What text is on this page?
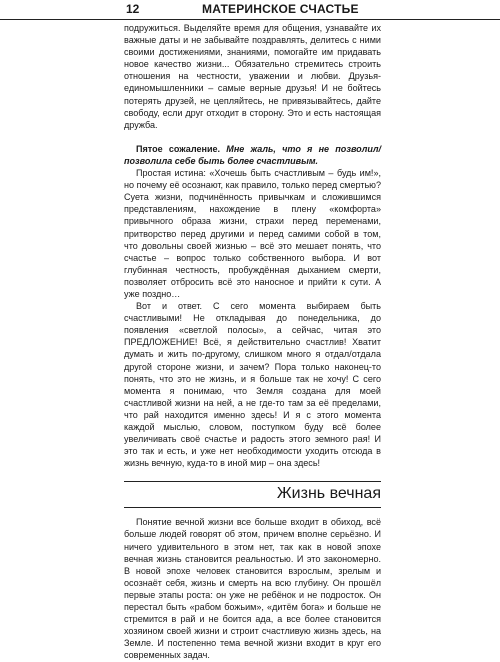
12	МАТЕРИНСКОЕ СЧАСТЬЕ

подружиться. Выделяйте время для общения, узнавайте их важные даты и не забывайте поздравлять, делитесь с ними своими достижениями, знаниями, помогайте им придавать новое качество жизни... Обязательно стремитесь строить отношения на честности, уважении и любви. Друзья-единомышленники – самые верные друзья! И не бойтесь потерять друзей, не цепляйтесь, не привязывайтесь, дайте свободу, если друг отходит в сторону. Это и есть настоящая дружба.

Пятое сожаление. Мне жаль, что я не позволил/позволила себе быть более счастливым.

Простая истина: «Хочешь быть счастливым – будь им!», но почему её осознают, как правило, только перед смертью? Суета жизни, подчинённость привычкам и сложившимся представлениям, нахождение в плену «комфорта» привычного образа жизни, страхи перед переменами, притворство перед другими и перед самими собой в том, что довольны своей жизнью – всё это мешает понять, что счастье – вопрос только собственного выбора. И вот глубинная честность, пробуждённая дыханием смерти, позволяет отбросить всё это наносное и прийти к сути. А уже поздно…

Вот и ответ. С сего момента выбираем быть счастливыми! Не откладывая до понедельника, до появления «светлой полосы», а сейчас, читая это ПРЕДЛОЖЕНИЕ! Всё, я действительно счастлив! Хватит думать и жить по-другому, слишком много я отдал/отдала другой стороне жизни, и зачем? Пора только наконец-то понять, что это не жизнь, и я больше так не хочу! С сего момента я понимаю, что Земля создана для моей счастливой жизни на ней, а не где-то там за её пределами, что рай находится именно здесь! И я с этого момента каждой мыслью, словом, поступком буду всё более увеличивать своё счастье и радость этого земного рая! И это так и есть, и уже нет необходимости уходить отсюда в жизнь вечную, куда-то в иной мир – она здесь!

Жизнь вечная

Понятие вечной жизни все больше входит в обиход, всё больше людей говорят об этом, причем вполне серьёзно. И ничего удивительного в этом нет, так как в новой эпохе вечная жизнь становится реальностью. И это закономерно. В новой эпохе человек становится взрослым, зрелым и осознаёт себя, жизнь и смерть на всю глубину. Он прошёл первые этапы роста: он уже не ребёнок и не подросток. Он перестал быть «рабом божьим», «дитём бога» и больше не стремится в рай и не боится ада, а все более становится хозяином своей жизни и строит счастливую жизнь здесь, на Земле. И постепенно тема вечной жизни входит в круг его современных задач.
